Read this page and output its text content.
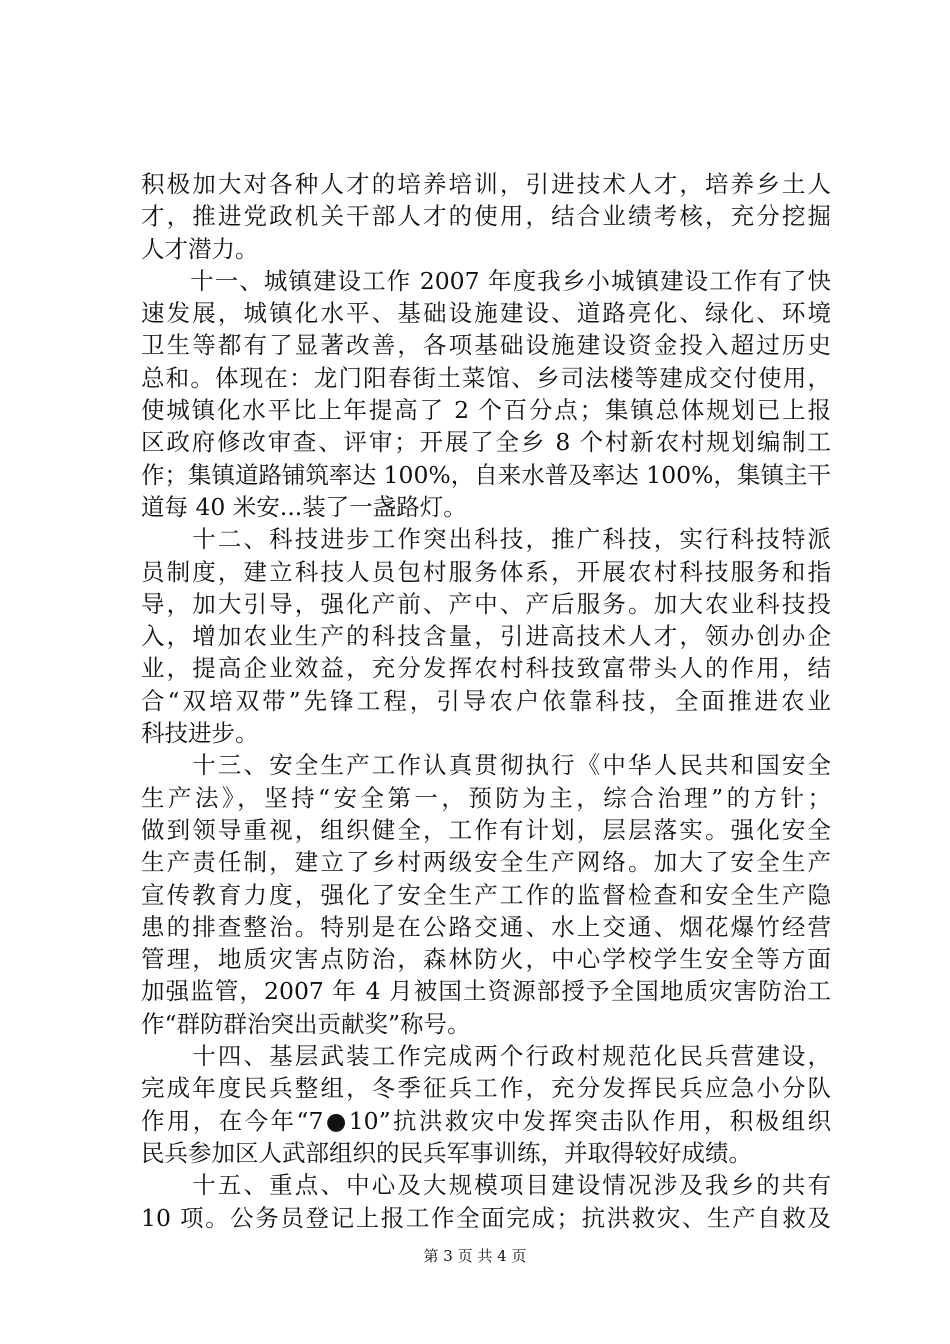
积极加大对各种人才的培养培训，引进技术人才，培养乡土人
才，推进党政机关干部人才的使用，结合业绩考核，充分挖掘
人才潜力。
　　十一、城镇建设工作 2007 年度我乡小城镇建设工作有了快
速发展，城镇化水平、基础设施建设、道路亮化、绿化、环境
卫生等都有了显著改善，各项基础设施建设资金投入超过历史
总和。体现在：龙门阳春街土菜馆、乡司法楼等建成交付使用，
使城镇化水平比上年提高了 2 个百分点；集镇总体规划已上报
区政府修改审查、评审；开展了全乡 8 个村新农村规划编制工
作；集镇道路铺筑率达 100%，自来水普及率达 100%，集镇主干
道每 40 米安...装了一盏路灯。
　　十二、科技进步工作突出科技，推广科技，实行科技特派
员制度，建立科技人员包村服务体系，开展农村科技服务和指
导，加大引导，强化产前、产中、产后服务。加大农业科技投
入，增加农业生产的科技含量，引进高技术人才，领办创办企
业，提高企业效益，充分发挥农村科技致富带头人的作用，结
合“双培双带”先锋工程，引导农户依靠科技，全面推进农业
科技进步。
　　十三、安全生产工作认真贯彻执行《中华人民共和国安全
生产法》，坚持“安全第一，预防为主，综合治理”的方针；
做到领导重视，组织健全，工作有计划，层层落实。强化安全
生产责任制，建立了乡村两级安全生产网络。加大了安全生产
宣传教育力度，强化了安全生产工作的监督检查和安全生产隐
患的排查整治。特别是在公路交通、水上交通、烟花爆竹经营
管理，地质灾害点防治，森林防火，中心学校学生安全等方面
加强监管，2007 年 4 月被国土资源部授予全国地质灾害防治工
作“群防群治突出贡献奖”称号。
　　十四、基层武装工作完成两个行政村规范化民兵营建设，
完成年度民兵整组，冬季征兵工作，充分发挥民兵应急小分队
作用，在今年“7●10”抗洪救灾中发挥突击队作用，积极组织
民兵参加区人武部组织的民兵军事训练，并取得较好成绩。
　　十五、重点、中心及大规模项目建设情况涉及我乡的共有
10 项。公务员登记上报工作全面完成；抗洪救灾、生产自救及
第 3 页 共 4 页
